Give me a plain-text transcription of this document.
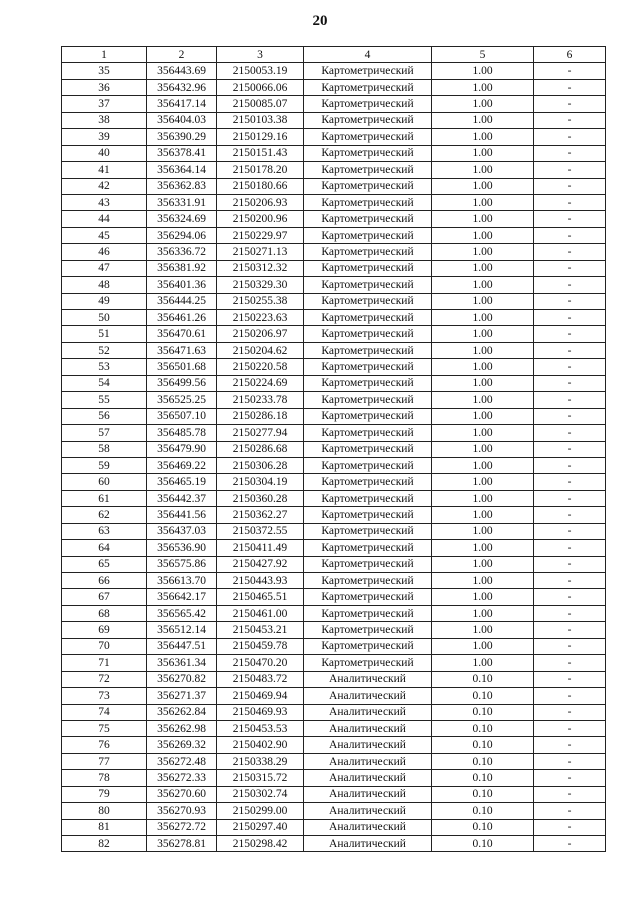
20
1	2	3	4	5	6
35	356443.69	2150053.19	Картометрический	1.00	-
36	356432.96	2150066.06	Картометрический	1.00	-
37	356417.14	2150085.07	Картометрический	1.00	-
38	356404.03	2150103.38	Картометрический	1.00	-
39	356390.29	2150129.16	Картометрический	1.00	-
40	356378.41	2150151.43	Картометрический	1.00	-
41	356364.14	2150178.20	Картометрический	1.00	-
42	356362.83	2150180.66	Картометрический	1.00	-
43	356331.91	2150206.93	Картометрический	1.00	-
44	356324.69	2150200.96	Картометрический	1.00	-
45	356294.06	2150229.97	Картометрический	1.00	-
46	356336.72	2150271.13	Картометрический	1.00	-
47	356381.92	2150312.32	Картометрический	1.00	-
48	356401.36	2150329.30	Картометрический	1.00	-
49	356444.25	2150255.38	Картометрический	1.00	-
50	356461.26	2150223.63	Картометрический	1.00	-
51	356470.61	2150206.97	Картометрический	1.00	-
52	356471.63	2150204.62	Картометрический	1.00	-
53	356501.68	2150220.58	Картометрический	1.00	-
54	356499.56	2150224.69	Картометрический	1.00	-
55	356525.25	2150233.78	Картометрический	1.00	-
56	356507.10	2150286.18	Картометрический	1.00	-
57	356485.78	2150277.94	Картометрический	1.00	-
58	356479.90	2150286.68	Картометрический	1.00	-
59	356469.22	2150306.28	Картометрический	1.00	-
60	356465.19	2150304.19	Картометрический	1.00	-
61	356442.37	2150360.28	Картометрический	1.00	-
62	356441.56	2150362.27	Картометрический	1.00	-
63	356437.03	2150372.55	Картометрический	1.00	-
64	356536.90	2150411.49	Картометрический	1.00	-
65	356575.86	2150427.92	Картометрический	1.00	-
66	356613.70	2150443.93	Картометрический	1.00	-
67	356642.17	2150465.51	Картометрический	1.00	-
68	356565.42	2150461.00	Картометрический	1.00	-
69	356512.14	2150453.21	Картометрический	1.00	-
70	356447.51	2150459.78	Картометрический	1.00	-
71	356361.34	2150470.20	Картометрический	1.00	-
72	356270.82	2150483.72	Аналитический	0.10	-
73	356271.37	2150469.94	Аналитический	0.10	-
74	356262.84	2150469.93	Аналитический	0.10	-
75	356262.98	2150453.53	Аналитический	0.10	-
76	356269.32	2150402.90	Аналитический	0.10	-
77	356272.48	2150338.29	Аналитический	0.10	-
78	356272.33	2150315.72	Аналитический	0.10	-
79	356270.60	2150302.74	Аналитический	0.10	-
80	356270.93	2150299.00	Аналитический	0.10	-
81	356272.72	2150297.40	Аналитический	0.10	-
82	356278.81	2150298.42	Аналитический	0.10	-
